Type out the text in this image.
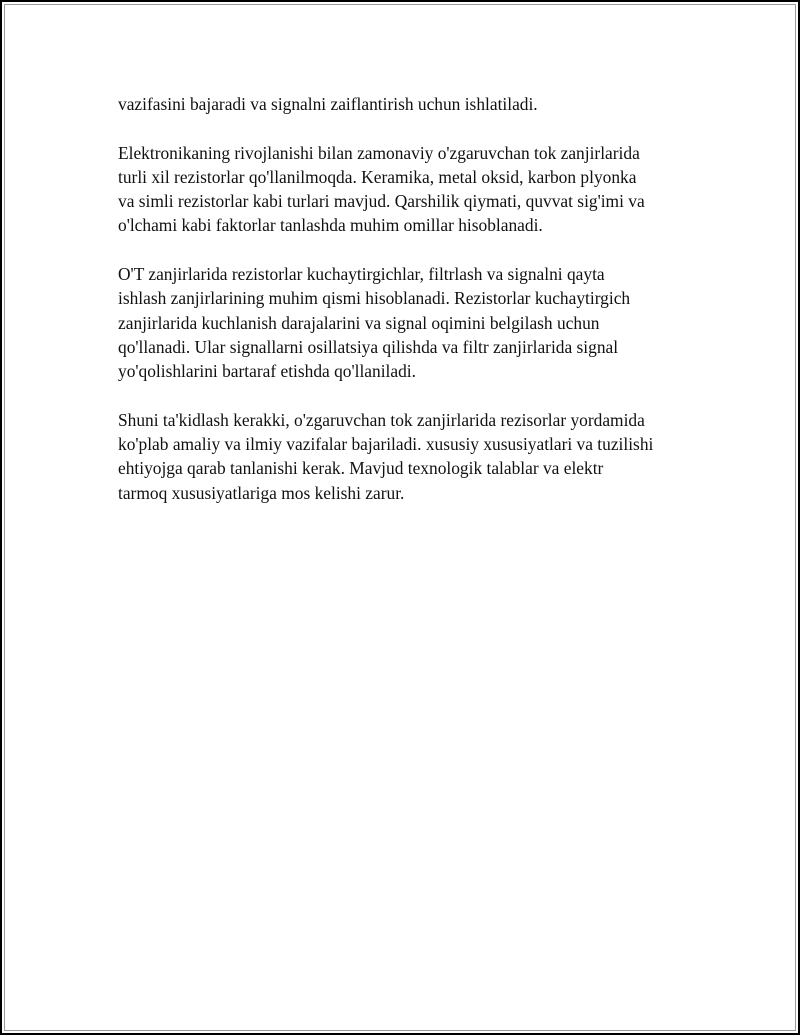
vazifasini bajaradi va signalni zaiflantirish uchun ishlatiladi.

Elektronikaning rivojlanishi bilan zamonaviy o'zgaruvchan tok zanjirlarida
turli xil rezistorlar qo'llanilmoqda. Keramika, metal oksid, karbon plyonka
va simli rezistorlar kabi turlari mavjud. Qarshilik qiymati, quvvat sig'imi va
o'lchami kabi faktorlar tanlashda muhim omillar hisoblanadi.

O'T zanjirlarida rezistorlar kuchaytirgichlar, filtrlash va signalni qayta
ishlash zanjirlarining muhim qismi hisoblanadi. Rezistorlar kuchaytirgich
zanjirlarida kuchlanish darajalarini va signal oqimini belgilash uchun
qo'llanadi. Ular signallarni osillatsiya qilishda va filtr zanjirlarida signal
yo'qolishlarini bartaraf etishda qo'llaniladi.

Shuni ta'kidlash kerakki, o'zgaruvchan tok zanjirlarida rezisorlar yordamida
ko'plab amaliy va ilmiy vazifalar bajariladi. xususiy xususiyatlari va tuzilishi
ehtiyojga qarab tanlanishi kerak. Mavjud texnologik talablar va elektr
tarmoq xususiyatlariga mos kelishi zarur.
